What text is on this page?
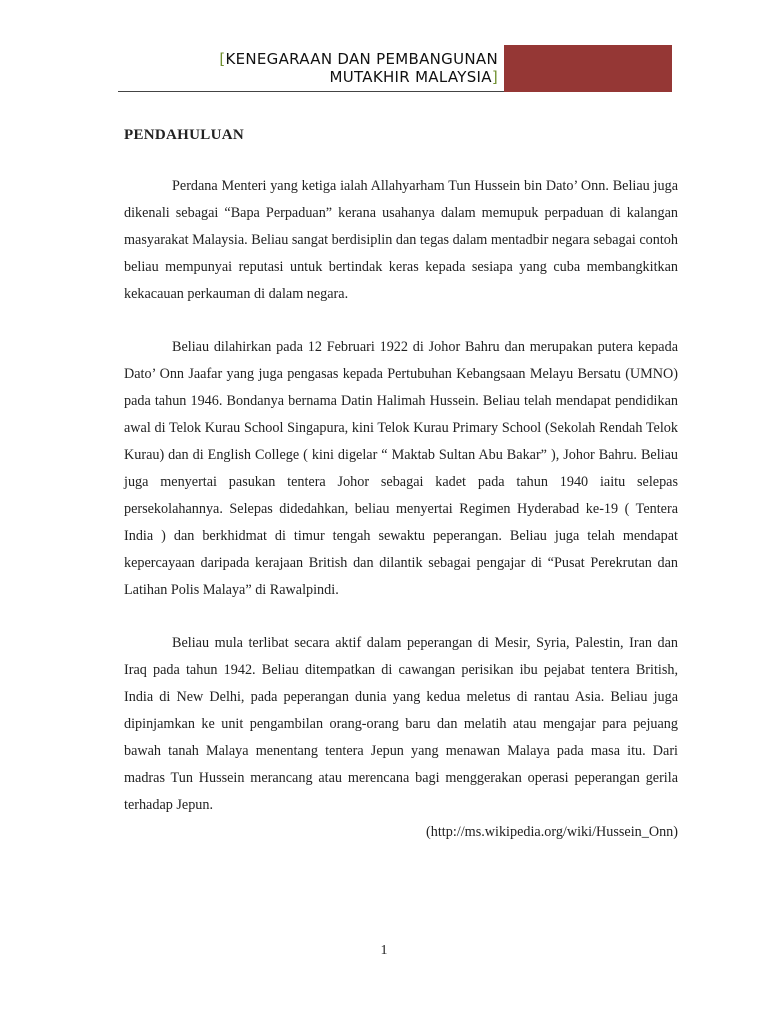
[KENEGARAAN DAN PEMBANGUNAN
MUTAKHIR MALAYSIA]
PENDAHULUAN

Perdana Menteri yang ketiga ialah Allahyarham Tun Hussein bin Dato’ Onn. Beliau juga dikenali sebagai “Bapa Perpaduan” kerana usahanya dalam memupuk perpaduan di kalangan masyarakat Malaysia. Beliau sangat berdisiplin dan tegas dalam mentadbir negara sebagai contoh beliau mempunyai reputasi untuk bertindak keras kepada sesiapa yang cuba membangkitkan kekacauan perkauman di dalam negara.

Beliau dilahirkan pada 12 Februari 1922 di Johor Bahru dan merupakan putera kepada Dato’ Onn Jaafar yang juga pengasas kepada Pertubuhan Kebangsaan Melayu Bersatu (UMNO) pada tahun 1946. Bondanya bernama Datin Halimah Hussein. Beliau telah mendapat pendidikan awal di Telok Kurau School Singapura, kini Telok Kurau Primary School (Sekolah Rendah Telok Kurau) dan di English College ( kini digelar “ Maktab Sultan Abu Bakar” ), Johor Bahru. Beliau juga menyertai pasukan tentera Johor sebagai kadet pada tahun 1940 iaitu selepas persekolahannya. Selepas didedahkan, beliau menyertai Regimen Hyderabad ke-19 ( Tentera India ) dan berkhidmat di timur tengah sewaktu peperangan. Beliau juga telah mendapat kepercayaan daripada kerajaan British dan dilantik sebagai pengajar di “Pusat Perekrutan dan Latihan Polis Malaya” di Rawalpindi.

Beliau mula terlibat secara aktif dalam peperangan di Mesir, Syria, Palestin, Iran dan Iraq pada tahun 1942. Beliau ditempatkan di cawangan perisikan ibu pejabat tentera British, India di New Delhi, pada peperangan dunia yang kedua meletus di rantau Asia. Beliau juga dipinjamkan ke unit pengambilan orang-orang baru dan melatih atau mengajar para pejuang bawah tanah Malaya menentang tentera Jepun yang menawan Malaya pada masa itu. Dari madras Tun Hussein merancang atau merencana bagi menggerakan operasi peperangan gerila terhadap Jepun.

(http://ms.wikipedia.org/wiki/Hussein_Onn)
1
